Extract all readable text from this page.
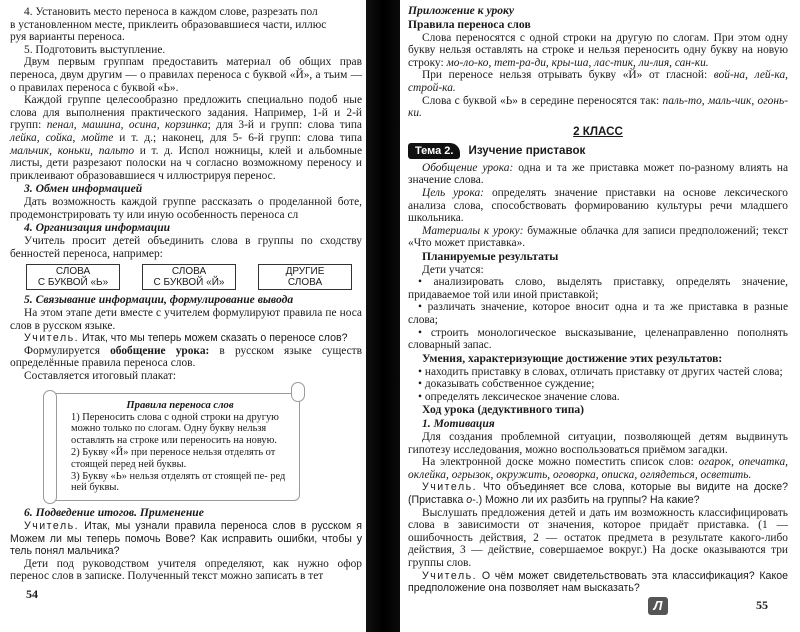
4. Установить место переноса в каждом слове, разрезать пол

в установленном месте, приклеить образовавшиеся части, иллюс

руя варианты переноса.

5. Подготовить выступление.

Двум первым группам предоставить материал об общих прав переноса, двум другим — о правилах переноса с буквой «Й», а тьим — о правилах переноса с буквой «Ь».

Каждой группе целесообразно предложить специально подоб ные слова для выполнения практического задания. Например, 1-й и 2-й групп: пенал, машина, осина, корзинка; для 3-й и групп: слова типа лейка, сойка, мойте и т. д.; наконец, для 5- 6-й групп: слова типа мальчик, коньки, пальто и т. д. Испол ножницы, клей и альбомные листы, дети разрезают полоски на ч согласно возможному переносу и приклеивают образовавшиеся ч иллюстрируя перенос.

3. Обмен информацией

Дать возможность каждой группе рассказать о проделанной боте, продемонстрировать ту или иную особенность переноса сл

4. Организация информации

Учитель просит детей объединить слова в группы по сходству бенностей переноса, например:

СЛОВА
С БУКВОЙ «Ь»
СЛОВА
С БУКВОЙ «Й»
ДРУГИЕ
СЛОВА
5. Связывание информации, формулирование вывода

На этом этапе дети вместе с учителем формулируют правила пе носа слов в русском языке.

Учитель. Итак, что мы теперь можем сказать о переносе слов?

Формулируется обобщение урока: в русском языке существ определённые правила переноса слов.

Составляется итоговый плакат:

Правила переноса слов
1) Переносить слова с одной строки на другую можно только по слогам. Одну букву нельзя оставлять на строке или переносить на новую.
2) Букву «Й» при переносе нельзя отделять от стоящей перед ней буквы.
3) Букву «Ь» нельзя отделять от стоящей пе- ред ней буквы.
6. Подведение итогов. Применение

Учитель. Итак, мы узнали правила переноса слов в русском я Можем ли мы теперь помочь Вове? Как исправить ошибки, чтобы у тель понял мальчика?

Дети под руководством учителя определяют, как нужно офор перенос слов в записке. Полученный текст можно записать в тет

54
Приложение к уроку
Правила переноса слов

Слова переносятся с одной строки на другую по слогам. При этом одну букву нельзя оставлять на строке и нельзя переносить одну букву на новую строку: мо-ло-ко, тет-ра-ди, кры-ша, лас-тик, ли-лия, сан-ки.

При переносе нельзя отрывать букву «Й» от гласной: вой-на, лей-ка, строй-ка.

Слова с буквой «Ь» в середине переносятся так: паль-то, маль-чик, огонь-ки.

2 КЛАСС
Тема 2.	Изучение приставок

Обобщение урока: одна и та же приставка может по-разному влиять на значение слова.

Цель урока: определять значение приставки на основе лексического анализа слова, способствовать формированию культуры речи младшего школьника.

Материалы к уроку: бумажные облачка для записи предположений; текст «Что может приставка».

Планируемые результаты

Дети учатся:

• анализировать слово, выделять приставку, определять значение, придаваемое той или иной приставкой;
• различать значение, которое вносит одна и та же приставка в разные слова;
• строить монологическое высказывание, целенаправленно пополнять словарный запас.
Умения, характеризующие достижение этих результатов:
• находить приставку в словах, отличать приставку от других частей слова;
• доказывать собственное суждение;
• определять лексическое значение слова.
Ход урока (дедуктивного типа)
1. Мотивация

Для создания проблемной ситуации, позволяющей детям выдвинуть гипотезу исследования, можно воспользоваться приёмом загадки.

На электронной доске можно поместить список слов: огарок, опечатка, оклейка, огрызок, окружить, оговорка, описка, оглядеться, осветить.

Учитель. Что объединяет все слова, которые вы видите на доске? (Приставка о-.) Можно ли их разбить на группы? На какие?

Выслушать предложения детей и дать им возможность классифицировать слова в зависимости от значения, которое придаёт приставка. (1 — ошибочность действия, 2 — остаток предмета в результате какого-либо действия, 3 — действие, совершаемое вокруг.) На доске оказываются три группы слов.

Учитель. О чём может свидетельствовать эта классификация? Какое предположение она позволяет нам высказать?

Л	55
